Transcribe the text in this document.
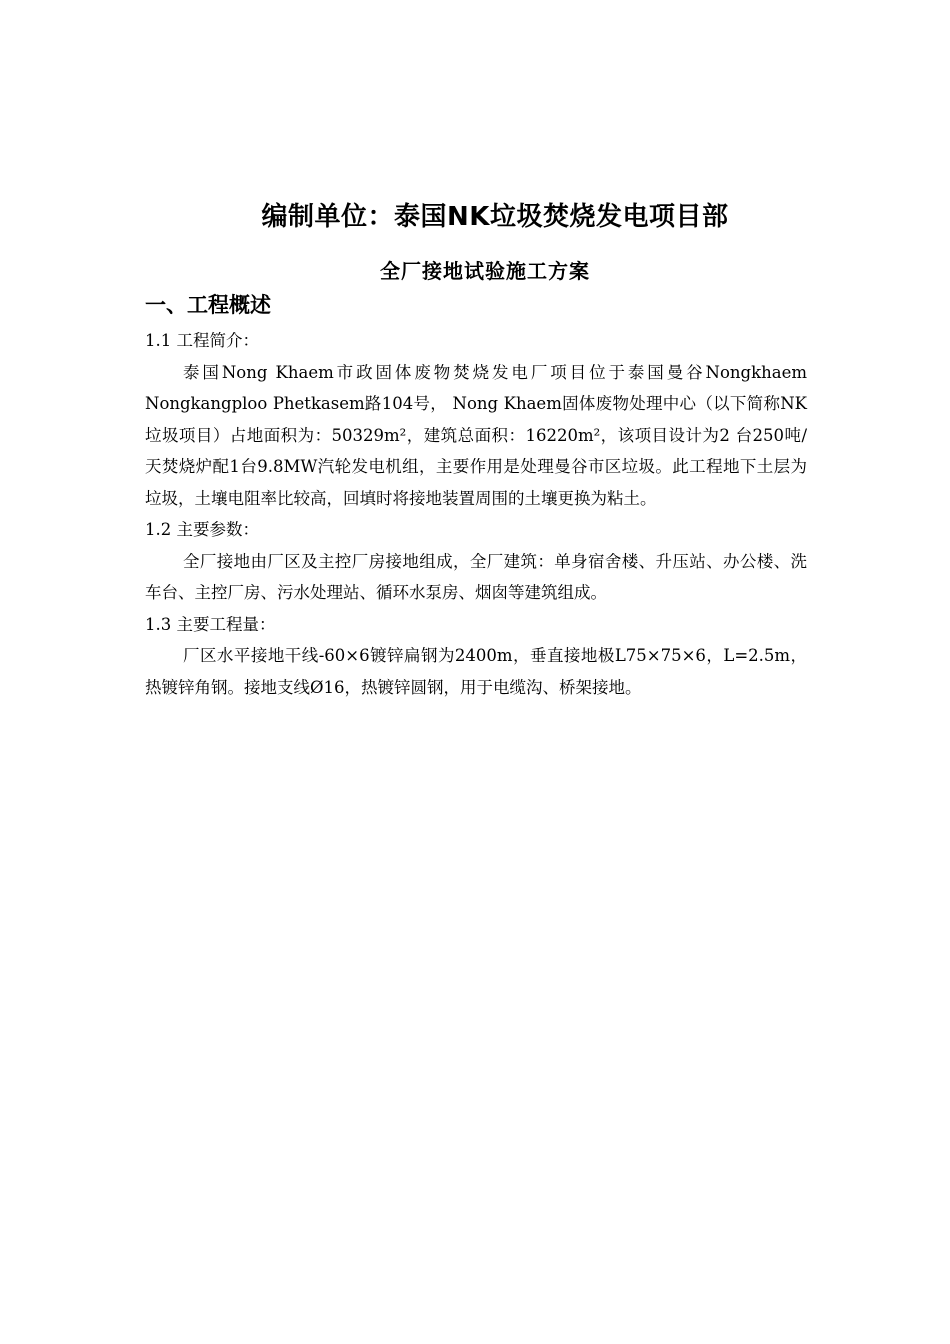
编制单位：泰国NK垃圾焚烧发电项目部
全厂接地试验施工方案
一、工程概述

1.1 工程简介：

泰国Nong Khaem市政固体废物焚烧发电厂项目位于泰国曼谷Nongkhaem Nongkangploo Phetkasem路104号， Nong Khaem固体废物处理中心（以下简称NK垃圾项目）占地面积为：50329m²，建筑总面积：16220m²，该项目设计为2 台250吨/天焚烧炉配1台9.8MW汽轮发电机组，主要作用是处理曼谷市区垃圾。此工程地下土层为垃圾，土壤电阻率比较高，回填时将接地装置周围的土壤更换为粘土。

1.2 主要参数：

全厂接地由厂区及主控厂房接地组成，全厂建筑：单身宿舍楼、升压站、办公楼、洗车台、主控厂房、污水处理站、循环水泵房、烟囱等建筑组成。

1.3 主要工程量：

厂区水平接地干线-60×6镀锌扁钢为2400m，垂直接地极L75×75×6，L=2.5m，热镀锌角钢。接地支线Ø16，热镀锌圆钢，用于电缆沟、桥架接地。
